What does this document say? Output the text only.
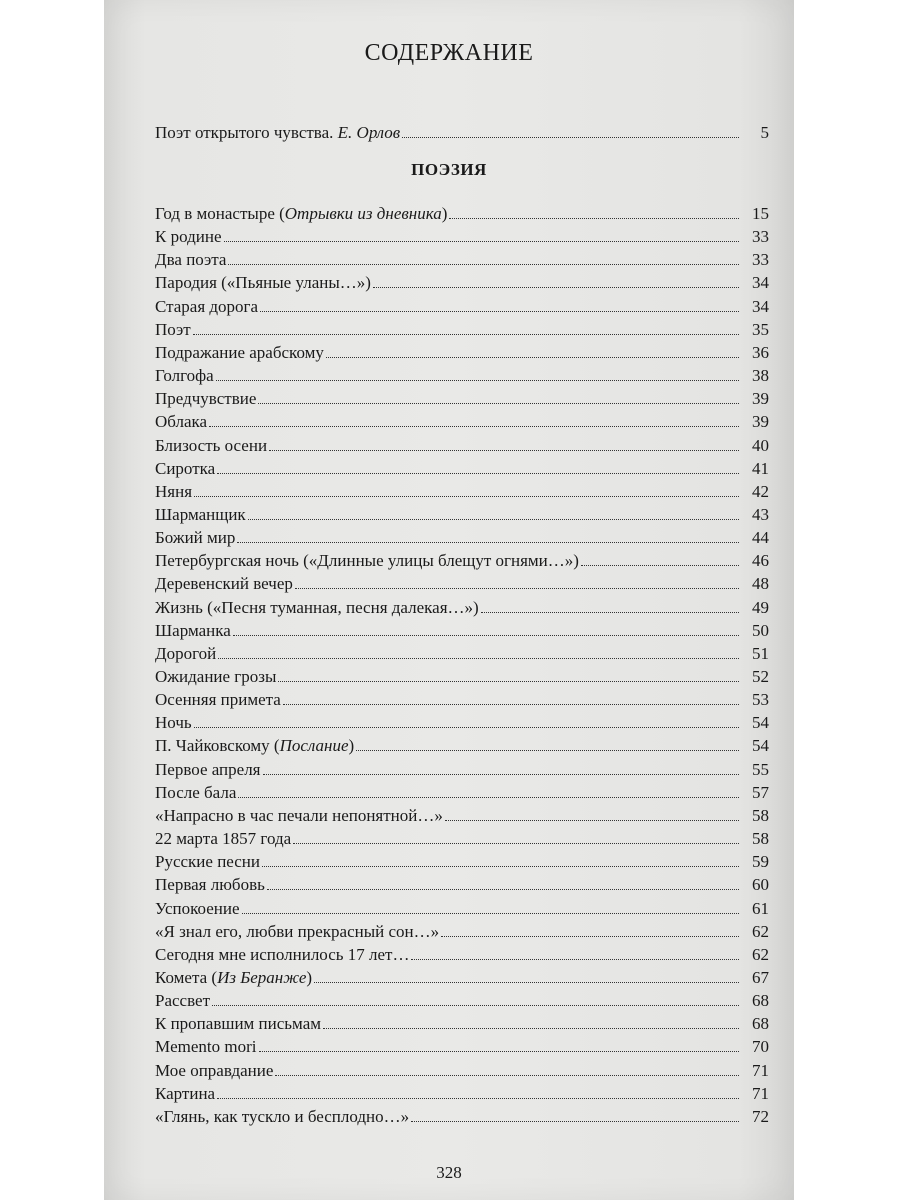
СОДЕРЖАНИЕ
Поэт открытого чувства. Е. Орлов	5
ПОЭЗИЯ
Год в монастыре (Отрывки из дневника)	15
К родине	33
Два поэта	33
Пародия («Пьяные уланы…»)	34
Старая дорога	34
Поэт	35
Подражание арабскому	36
Голгофа	38
Предчувствие	39
Облака	39
Близость осени	40
Сиротка	41
Няня	42
Шарманщик	43
Божий мир	44
Петербургская ночь («Длинные улицы блещут огнями…»)	46
Деревенский вечер	48
Жизнь («Песня туманная, песня далекая…»)	49
Шарманка	50
Дорогой	51
Ожидание грозы	52
Осенняя примета	53
Ночь	54
П. Чайковскому (Послание)	54
Первое апреля	55
После бала	57
«Напрасно в час печали непонятной…»	58
22 марта 1857 года	58
Русские песни	59
Первая любовь	60
Успокоение	61
«Я знал его, любви прекрасный сон…»	62
Сегодня мне исполнилось 17 лет…	62
Комета (Из Беранже)	67
Рассвет	68
К пропавшим письмам	68
Memento mori	70
Мое оправдание	71
Картина	71
«Глянь, как тускло и бесплодно…»	72
328
